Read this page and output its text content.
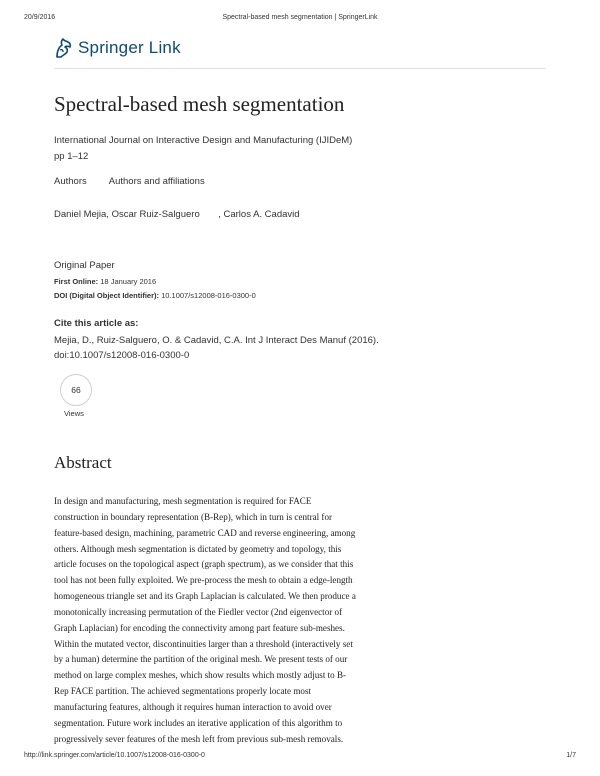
20/9/2016	Spectral-based mesh segmentation | SpringerLink
Springer Link
Spectral-based mesh segmentation
International Journal on Interactive Design and Manufacturing (IJIDeM)
pp 1–12
Authors Authors and affiliations
Daniel Mejia, Oscar Ruiz-Salguero , Carlos A. Cadavid
Original Paper
First Online: 18 January 2016
DOI (Digital Object Identifier): 10.1007/s12008-016-0300-0
Cite this article as:
Mejia, D., Ruiz-Salguero, O. & Cadavid, C.A. Int J Interact Des Manuf (2016).
doi:10.1007/s12008-016-0300-0
66
Views
Abstract
In design and manufacturing, mesh segmentation is required for FACE
construction in boundary representation (B-Rep), which in turn is central for
feature-based design, machining, parametric CAD and reverse engineering, among
others. Although mesh segmentation is dictated by geometry and topology, this
article focuses on the topological aspect (graph spectrum), as we consider that this
tool has not been fully exploited. We pre-process the mesh to obtain a edge-length
homogeneous triangle set and its Graph Laplacian is calculated. We then produce a
monotonically increasing permutation of the Fiedler vector (2nd eigenvector of
Graph Laplacian) for encoding the connectivity among part feature sub-meshes.
Within the mutated vector, discontinuities larger than a threshold (interactively set
by a human) determine the partition of the original mesh. We present tests of our
method on large complex meshes, which show results which mostly adjust to B-
Rep FACE partition. The achieved segmentations properly locate most
manufacturing features, although it requires human interaction to avoid over
segmentation. Future work includes an iterative application of this algorithm to
progressively sever features of the mesh left from previous sub-mesh removals.
http://link.springer.com/article/10.1007/s12008-016-0300-0	1/7
